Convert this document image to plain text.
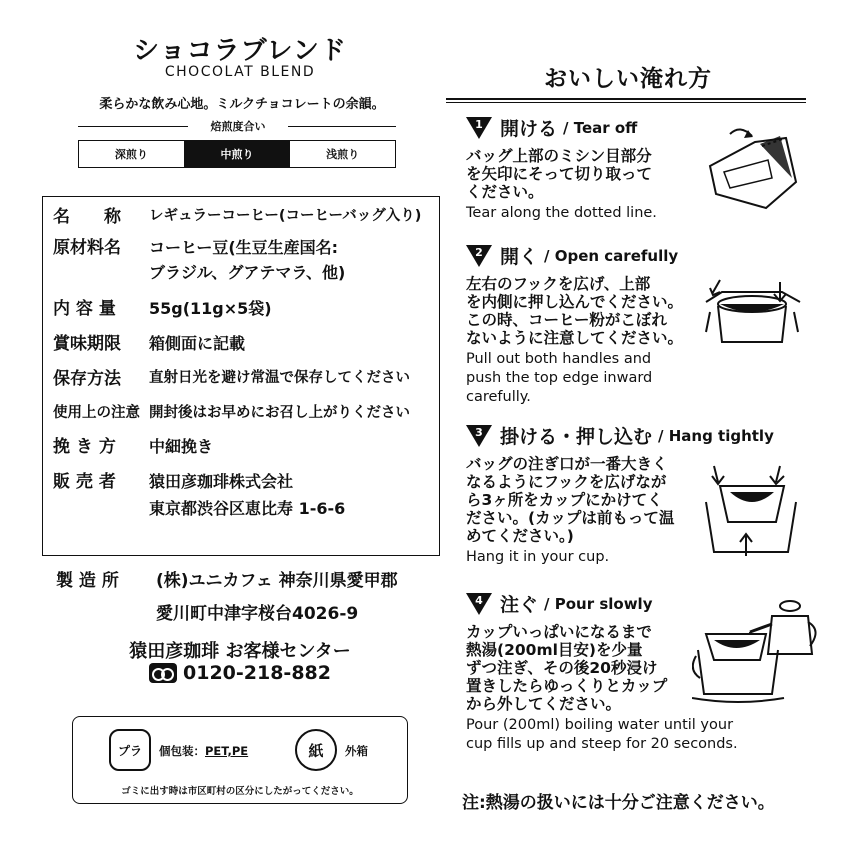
ショコラブレンド
CHOCOLAT BLEND
柔らかな飲み心地。ミルクチョコレートの余韻。
焙煎度合い
深煎り	中煎り	浅煎り
名　　称	レギュラーコーヒー(コーヒーバッグ入り)
原材料名	コーヒー豆(生豆生産国名:
ブラジル、グアテマラ、他)
内 容 量	55g(11g×5袋)
賞味期限	箱側面に記載
保存方法	直射日光を避け常温で保存してください
使用上の注意 開封後はお早めにお召し上がりください
挽 き 方	中細挽き
販 売 者	猿田彦珈琲株式会社
東京都渋谷区恵比寿 1-6-6
製 造 所	(株)ユニカフェ 神奈川県愛甲郡
愛川町中津字桜台4026-9
猿田彦珈琲 お客様センター
0120-218-882
プラ 個包装：PET,PE	紙 外箱
ゴミに出す時は市区町村の区分にしたがってください。
おいしい淹れ方
1 開ける / Tear off
バッグ上部のミシン目部分
を矢印にそって切り取って
ください。
Tear along the dotted line.
2 開く / Open carefully
左右のフックを広げ、上部
を内側に押し込んでください。
この時、コーヒー粉がこぼれ
ないように注意してください。
Pull out both handles and
push the top edge inward
carefully.
3 掛ける・押し込む / Hang tightly
バッグの注ぎ口が一番大きく
なるようにフックを広げなが
ら3ヶ所をカップにかけてく
ださい。(カップは前もって温
めてください。)
Hang it in your cup.
4 注ぐ / Pour slowly
カップいっぱいになるまで
熱湯(200ml目安)を少量
ずつ注ぎ、その後20秒浸け
置きしたらゆっくりとカップ
から外してください。
Pour (200ml) boiling water until your
cup fills up and steep for 20 seconds.
注:熱湯の扱いには十分ご注意ください。
